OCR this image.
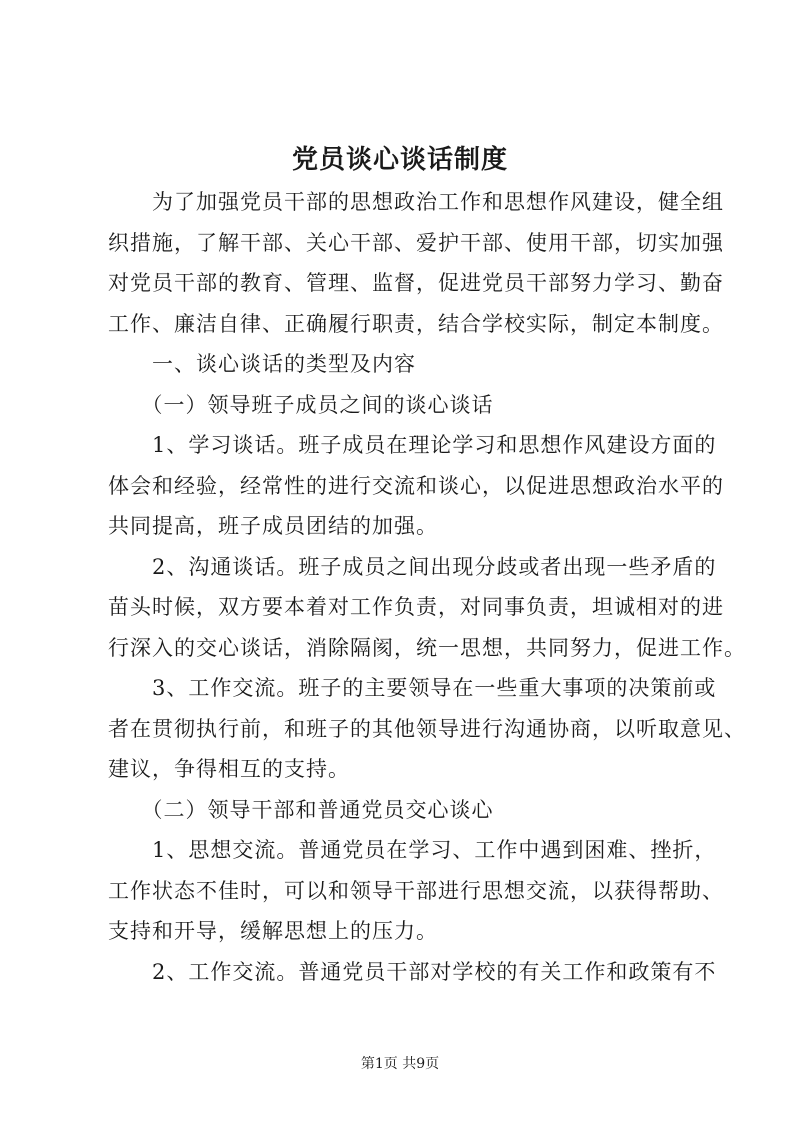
党员谈心谈话制度
　　为了加强党员干部的思想政治工作和思想作风建设，健全组
织措施，了解干部、关心干部、爱护干部、使用干部，切实加强
对党员干部的教育、管理、监督，促进党员干部努力学习、勤奋
工作、廉洁自律、正确履行职责，结合学校实际，制定本制度。
　　一、谈心谈话的类型及内容
　　（一）领导班子成员之间的谈心谈话
　　1、学习谈话。班子成员在理论学习和思想作风建设方面的
体会和经验，经常性的进行交流和谈心，以促进思想政治水平的
共同提高，班子成员团结的加强。
　　2、沟通谈话。班子成员之间出现分歧或者出现一些矛盾的
苗头时候，双方要本着对工作负责，对同事负责，坦诚相对的进
行深入的交心谈话，消除隔阂，统一思想，共同努力，促进工作。
　　3、工作交流。班子的主要领导在一些重大事项的决策前或
者在贯彻执行前，和班子的其他领导进行沟通协商，以听取意见、
建议，争得相互的支持。
　　（二）领导干部和普通党员交心谈心
　　1、思想交流。普通党员在学习、工作中遇到困难、挫折，
工作状态不佳时，可以和领导干部进行思想交流，以获得帮助、
支持和开导，缓解思想上的压力。
　　2、工作交流。普通党员干部对学校的有关工作和政策有不
第1页 共9页
